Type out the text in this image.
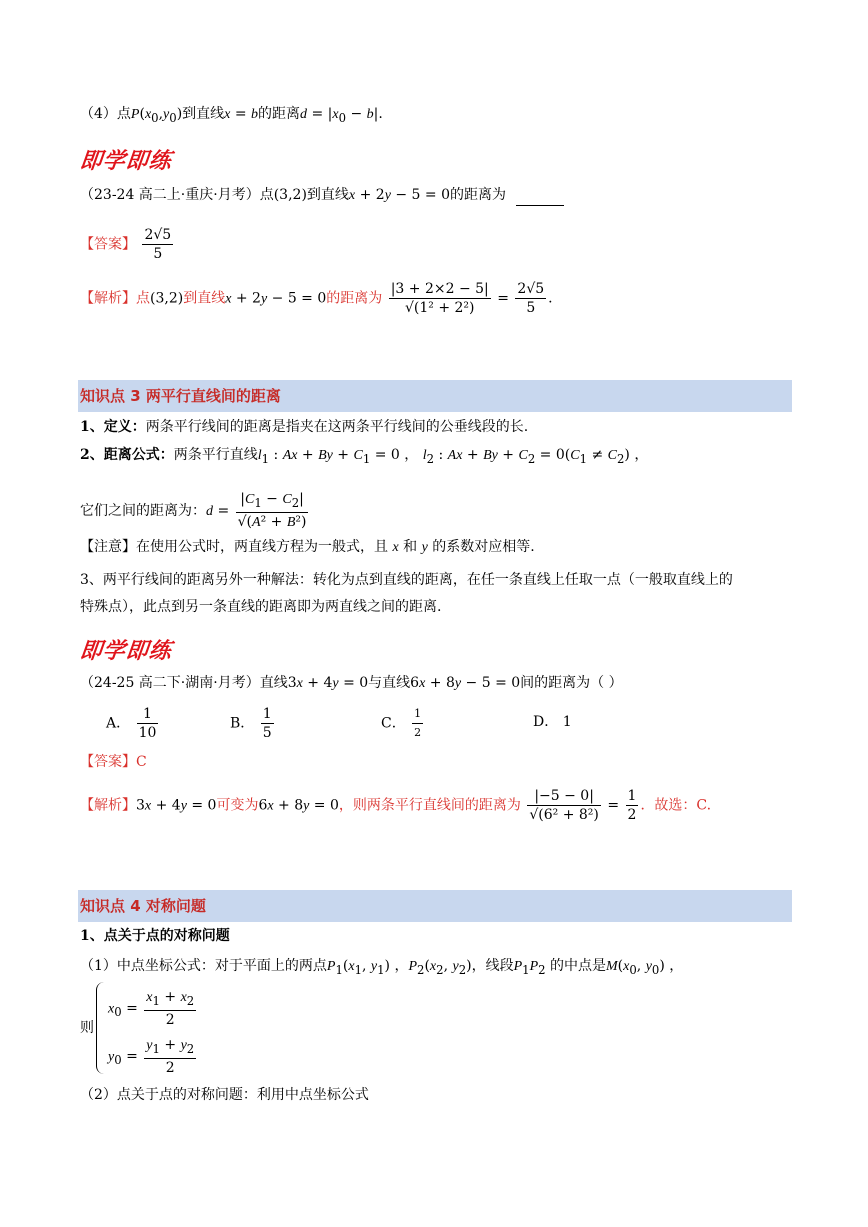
（4）点$P(x_0,y_0)$到直线x = b的距离$d = |x_0 - b|$.
即学即练
（23-24 高二上·重庆·月考）点(3,2)到直线x + 2y − 5 = 0的距离为
【答案】 $\frac{2√5}{5}$
【解析】点(3,2)到直线x + 2y − 5 = 0的距离为 $\frac{|3 + 2\times 2 - 5|}{\text{√(1² + 2²)}} = \frac{2√5}{5}$ .
知识点 3 两平行直线间的距离
1、定义：两条平行线间的距离是指夹在这两条平行线间的公垂线段的长.
2、距离公式：两条平行直线$l_1$ : $Ax + By + C_1 = 0$ ， $l_2$ : $Ax + By + C_2 = 0(C_1 \ne C_2)$ ，
它们之间的距离为：$d = \frac{|C_1 - C_2|}{\text{√(A² + B²)}}$
【注意】在使用公式时，两直线方程为一般式，且 x 和 y 的系数对应相等.
3、两平行线间的距离另外一种解法：转化为点到直线的距离，在任一条直线上任取一点（一般取直线上的
特殊点），此点到另一条直线的距离即为两直线之间的距离.
即学即练
（24-25 高二下·湖南·月考）直线3x + 4y = 0与直线6x + 8y − 5 = 0间的距离为（ ）
A． $\frac{1}{10}$	B． $\frac{1}{5}$	C． $\frac{1}{2}$	D． 1
【答案】C
【解析】3x + 4y = 0可变为6x + 8y = 0，则两条平行直线间的距离为 $\frac{|-5 - 0|}{\text{√(6² + 8²)}} = \frac{1}{2}$ ．故选：C.
知识点 4 对称问题
1、点关于点的对称问题
（1）中点坐标公式：对于平面上的两点$P_1(x_1$, $y_1$) ，$P_2(x_2$, $y_2$)，线段$P_1P_2$ 的中点是$M(x_0$, $y_0$) ，
则
$x_0 = \frac{x_1 + x_2}{2}$
$y_0 = \frac{y_1 + y_2}{2}$
（2）点关于点的对称问题：利用中点坐标公式
